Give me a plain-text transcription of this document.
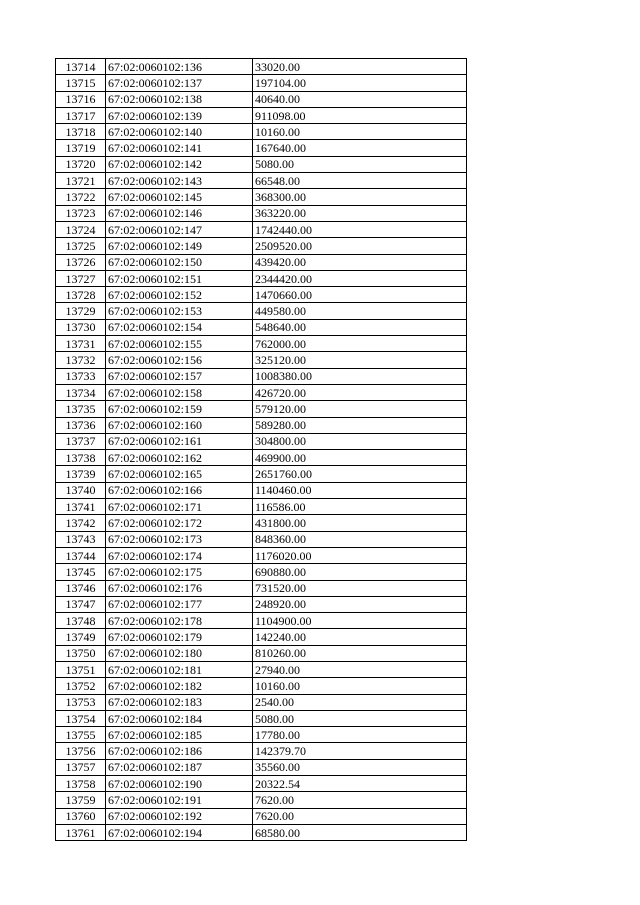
13714	67:02:0060102:136	33020.00
13715	67:02:0060102:137	197104.00
13716	67:02:0060102:138	40640.00
13717	67:02:0060102:139	911098.00
13718	67:02:0060102:140	10160.00
13719	67:02:0060102:141	167640.00
13720	67:02:0060102:142	5080.00
13721	67:02:0060102:143	66548.00
13722	67:02:0060102:145	368300.00
13723	67:02:0060102:146	363220.00
13724	67:02:0060102:147	1742440.00
13725	67:02:0060102:149	2509520.00
13726	67:02:0060102:150	439420.00
13727	67:02:0060102:151	2344420.00
13728	67:02:0060102:152	1470660.00
13729	67:02:0060102:153	449580.00
13730	67:02:0060102:154	548640.00
13731	67:02:0060102:155	762000.00
13732	67:02:0060102:156	325120.00
13733	67:02:0060102:157	1008380.00
13734	67:02:0060102:158	426720.00
13735	67:02:0060102:159	579120.00
13736	67:02:0060102:160	589280.00
13737	67:02:0060102:161	304800.00
13738	67:02:0060102:162	469900.00
13739	67:02:0060102:165	2651760.00
13740	67:02:0060102:166	1140460.00
13741	67:02:0060102:171	116586.00
13742	67:02:0060102:172	431800.00
13743	67:02:0060102:173	848360.00
13744	67:02:0060102:174	1176020.00
13745	67:02:0060102:175	690880.00
13746	67:02:0060102:176	731520.00
13747	67:02:0060102:177	248920.00
13748	67:02:0060102:178	1104900.00
13749	67:02:0060102:179	142240.00
13750	67:02:0060102:180	810260.00
13751	67:02:0060102:181	27940.00
13752	67:02:0060102:182	10160.00
13753	67:02:0060102:183	2540.00
13754	67:02:0060102:184	5080.00
13755	67:02:0060102:185	17780.00
13756	67:02:0060102:186	142379.70
13757	67:02:0060102:187	35560.00
13758	67:02:0060102:190	20322.54
13759	67:02:0060102:191	7620.00
13760	67:02:0060102:192	7620.00
13761	67:02:0060102:194	68580.00
